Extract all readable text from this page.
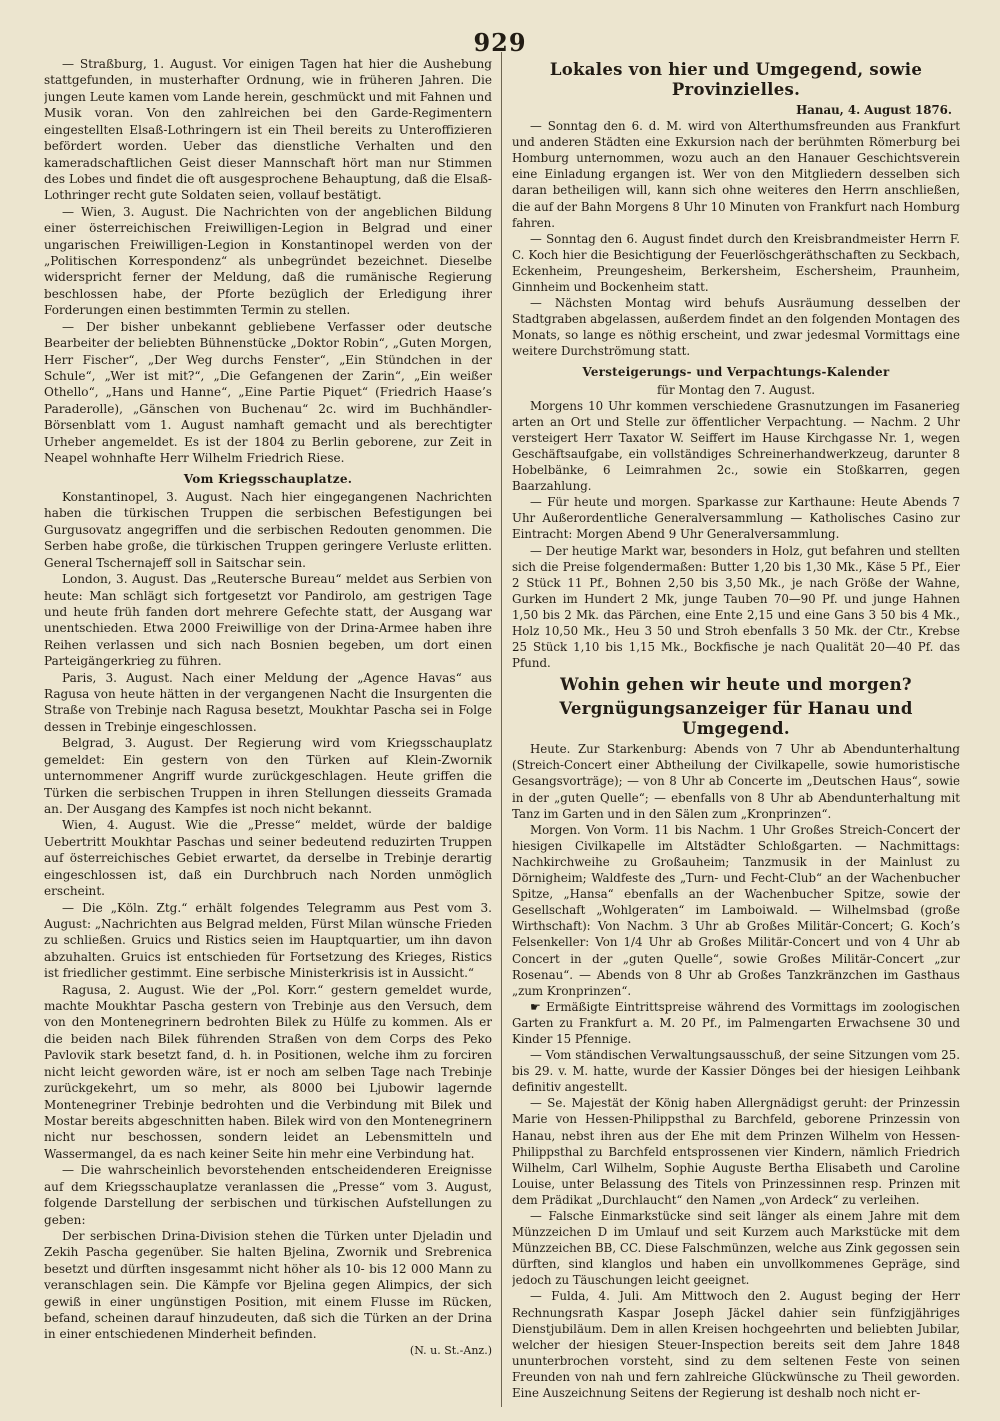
929

— Straßburg, 1. August. Vor einigen Tagen hat hier die Aushebung stattgefunden, in musterhafter Ordnung, wie in früheren Jahren. Die jungen Leute kamen vom Lande herein, geschmückt und mit Fahnen und Musik voran. Von den zahlreichen bei den Garde-Regimentern eingestellten Elsaß-Lothringern ist ein Theil bereits zu Unteroffizieren befördert worden. Ueber das dienstliche Verhalten und den kameradschaftlichen Geist dieser Mannschaft hört man nur Stimmen des Lobes und findet die oft ausgesprochene Behauptung, daß die Elsaß-Lothringer recht gute Soldaten seien, vollauf bestätigt.

— Wien, 3. August. Die Nachrichten von der angeblichen Bildung einer österreichischen Freiwilligen-Legion in Belgrad und einer ungarischen Freiwilligen-Legion in Konstantinopel werden von der „Politischen Korrespondenz“ als unbegründet bezeichnet. Dieselbe widerspricht ferner der Meldung, daß die rumänische Regierung beschlossen habe, der Pforte bezüglich der Erledigung ihrer Forderungen einen bestimmten Termin zu stellen.

— Der bisher unbekannt gebliebene Verfasser oder deutsche Bearbeiter der beliebten Bühnenstücke „Doktor Robin“, „Guten Morgen, Herr Fischer“, „Der Weg durchs Fenster“, „Ein Stündchen in der Schule“, „Wer ist mit?“, „Die Gefangenen der Zarin“, „Ein weißer Othello“, „Hans und Hanne“, „Eine Partie Piquet“ (Friedrich Haase’s Paraderolle), „Gänschen von Buchenau“ 2c. wird im Buchhändler-Börsenblatt vom 1. August namhaft gemacht und als berechtigter Urheber angemeldet. Es ist der 1804 zu Berlin geborene, zur Zeit in Neapel wohnhafte Herr Wilhelm Friedrich Riese.

Vom Kriegsschauplatze.

Konstantinopel, 3. August. Nach hier eingegangenen Nachrichten haben die türkischen Truppen die serbischen Befestigungen bei Gurgusovatz angegriffen und die serbischen Redouten genommen. Die Serben habe große, die türkischen Truppen geringere Verluste erlitten. General Tschernajeff soll in Saitschar sein.

London, 3. August. Das „Reutersche Bureau“ meldet aus Serbien von heute: Man schlägt sich fortgesetzt vor Pandirolo, am gestrigen Tage und heute früh fanden dort mehrere Gefechte statt, der Ausgang war unentschieden. Etwa 2000 Freiwillige von der Drina-Armee haben ihre Reihen verlassen und sich nach Bosnien begeben, um dort einen Parteigängerkrieg zu führen.

Paris, 3. August. Nach einer Meldung der „Agence Havas“ aus Ragusa von heute hätten in der vergangenen Nacht die Insurgenten die Straße von Trebinje nach Ragusa besetzt, Moukhtar Pascha sei in Folge dessen in Trebinje eingeschlossen.

Belgrad, 3. August. Der Regierung wird vom Kriegsschauplatz gemeldet: Ein gestern von den Türken auf Klein-Zwornik unternommener Angriff wurde zurückgeschlagen. Heute griffen die Türken die serbischen Truppen in ihren Stellungen diesseits Gramada an. Der Ausgang des Kampfes ist noch nicht bekannt.

Wien, 4. August. Wie die „Presse“ meldet, würde der baldige Uebertritt Moukhtar Paschas und seiner bedeutend reduzirten Truppen auf österreichisches Gebiet erwartet, da derselbe in Trebinje derartig eingeschlossen ist, daß ein Durchbruch nach Norden unmöglich erscheint.

— Die „Köln. Ztg.“ erhält folgendes Telegramm aus Pest vom 3. August: „Nachrichten aus Belgrad melden, Fürst Milan wünsche Frieden zu schließen. Gruics und Ristics seien im Hauptquartier, um ihn davon abzuhalten. Gruics ist entschieden für Fortsetzung des Krieges, Ristics ist friedlicher gestimmt. Eine serbische Ministerkrisis ist in Aussicht.“

Ragusa, 2. August. Wie der „Pol. Korr.“ gestern gemeldet wurde, machte Moukhtar Pascha gestern von Trebinje aus den Versuch, dem von den Montenegrinern bedrohten Bilek zu Hülfe zu kommen. Als er die beiden nach Bilek führenden Straßen von dem Corps des Peko Pavlovik stark besetzt fand, d. h. in Positionen, welche ihm zu forciren nicht leicht geworden wäre, ist er noch am selben Tage nach Trebinje zurückgekehrt, um so mehr, als 8000 bei Ljubowir lagernde Montenegriner Trebinje bedrohten und die Verbindung mit Bilek und Mostar bereits abgeschnitten haben. Bilek wird von den Montenegrinern nicht nur beschossen, sondern leidet an Lebensmitteln und Wassermangel, da es nach keiner Seite hin mehr eine Verbindung hat.

— Die wahrscheinlich bevorstehenden entscheidenderen Ereignisse auf dem Kriegsschauplatze veranlassen die „Presse“ vom 3. August, folgende Darstellung der serbischen und türkischen Aufstellungen zu geben:

Der serbischen Drina-Division stehen die Türken unter Djeladin und Zekih Pascha gegenüber. Sie halten Bjelina, Zwornik und Srebrenica besetzt und dürften insgesammt nicht höher als 10- bis 12 000 Mann zu veranschlagen sein. Die Kämpfe vor Bjelina gegen Alimpics, der sich gewiß in einer ungünstigen Position, mit einem Flusse im Rücken, befand, scheinen darauf hinzudeuten, daß sich die Türken an der Drina in einer entschiedenen Minderheit befinden.

(N. u. St.-Anz.)

Lokales von hier und Umgegend, sowie Provinzielles.

Hanau, 4. August 1876.

— Sonntag den 6. d. M. wird von Alterthumsfreunden aus Frankfurt und anderen Städten eine Exkursion nach der berühmten Römerburg bei Homburg unternommen, wozu auch an den Hanauer Geschichtsverein eine Einladung ergangen ist. Wer von den Mitgliedern desselben sich daran betheiligen will, kann sich ohne weiteres den Herrn anschließen, die auf der Bahn Morgens 8 Uhr 10 Minuten von Frankfurt nach Homburg fahren.

— Sonntag den 6. August findet durch den Kreisbrandmeister Herrn F. C. Koch hier die Besichtigung der Feuerlöschgeräthschaften zu Seckbach, Eckenheim, Preungesheim, Berkersheim, Eschersheim, Praunheim, Ginnheim und Bockenheim statt.

— Nächsten Montag wird behufs Ausräumung desselben der Stadtgraben abgelassen, außerdem findet an den folgenden Montagen des Monats, so lange es nöthig erscheint, und zwar jedesmal Vormittags eine weitere Durchströmung statt.

Versteigerungs- und Verpachtungs-Kalender

für Montag den 7. August.

Morgens 10 Uhr kommen verschiedene Grasnutzungen im Fasanerieg arten an Ort und Stelle zur öffentlicher Verpachtung. — Nachm. 2 Uhr versteigert Herr Taxator W. Seiffert im Hause Kirchgasse Nr. 1, wegen Geschäftsaufgabe, ein vollständiges Schreinerhandwerkzeug, darunter 8 Hobelbänke, 6 Leimrahmen 2c., sowie ein Stoßkarren, gegen Baarzahlung.

— Für heute und morgen. Sparkasse zur Karthaune: Heute Abends 7 Uhr Außerordentliche Generalversammlung — Katholisches Casino zur Eintracht: Morgen Abend 9 Uhr Generalversammlung.

— Der heutige Markt war, besonders in Holz, gut befahren und stellten sich die Preise folgendermaßen: Butter 1,20 bis 1,30 Mk., Käse 5 Pf., Eier 2 Stück 11 Pf., Bohnen 2,50 bis 3,50 Mk., je nach Größe der Wahne, Gurken im Hundert 2 Mk, junge Tauben 70—90 Pf. und junge Hahnen 1,50 bis 2 Mk. das Pärchen, eine Ente 2,15 und eine Gans 3 50 bis 4 Mk., Holz 10,50 Mk., Heu 3 50 und Stroh ebenfalls 3 50 Mk. der Ctr., Krebse 25 Stück 1,10 bis 1,15 Mk., Bockfische je nach Qualität 20—40 Pf. das Pfund.

Wohin gehen wir heute und morgen?

Vergnügungsanzeiger für Hanau und Umgegend.

Heute. Zur Starkenburg: Abends von 7 Uhr ab Abendunterhaltung (Streich-Concert einer Abtheilung der Civilkapelle, sowie humoristische Gesangsvorträge); — von 8 Uhr ab Concerte im „Deutschen Haus“, sowie in der „guten Quelle“; — ebenfalls von 8 Uhr ab Abendunterhaltung mit Tanz im Garten und in den Sälen zum „Kronprinzen“.

Morgen. Von Vorm. 11 bis Nachm. 1 Uhr Großes Streich-Concert der hiesigen Civilkapelle im Altstädter Schloßgarten. — Nachmittags: Nachkirchweihe zu Großauheim; Tanzmusik in der Mainlust zu Dörnigheim; Waldfeste des „Turn- und Fecht-Club“ an der Wachenbucher Spitze, „Hansa“ ebenfalls an der Wachenbucher Spitze, sowie der Gesellschaft „Wohlgeraten“ im Lamboiwald. — Wilhelmsbad (große Wirthschaft): Von Nachm. 3 Uhr ab Großes Militär-Concert; G. Koch’s Felsenkeller: Von 1/4 Uhr ab Großes Militär-Concert und von 4 Uhr ab Concert in der „guten Quelle“, sowie Großes Militär-Concert „zur Rosenau“. — Abends von 8 Uhr ab Großes Tanzkränzchen im Gasthaus „zum Kronprinzen“.

☛ Ermäßigte Eintrittspreise während des Vormittags im zoologischen Garten zu Frankfurt a. M. 20 Pf., im Palmengarten Erwachsene 30 und Kinder 15 Pfennige.

— Vom ständischen Verwaltungsausschuß, der seine Sitzungen vom 25. bis 29. v. M. hatte, wurde der Kassier Dönges bei der hiesigen Leihbank definitiv angestellt.

— Se. Majestät der König haben Allergnädigst geruht: der Prinzessin Marie von Hessen-Philippsthal zu Barchfeld, geborene Prinzessin von Hanau, nebst ihren aus der Ehe mit dem Prinzen Wilhelm von Hessen-Philippsthal zu Barchfeld entsprossenen vier Kindern, nämlich Friedrich Wilhelm, Carl Wilhelm, Sophie Auguste Bertha Elisabeth und Caroline Louise, unter Belassung des Titels von Prinzessinnen resp. Prinzen mit dem Prädikat „Durchlaucht“ den Namen „von Ardeck“ zu verleihen.

— Falsche Einmarkstücke sind seit länger als einem Jahre mit dem Münzzeichen D im Umlauf und seit Kurzem auch Markstücke mit dem Münzzeichen BB, CC. Diese Falschmünzen, welche aus Zink gegossen sein dürften, sind klanglos und haben ein unvollkommenes Gepräge, sind jedoch zu Täuschungen leicht geeignet.

— Fulda, 4. Juli. Am Mittwoch den 2. August beging der Herr Rechnungsrath Kaspar Joseph Jäckel dahier sein fünfzigjähriges Dienstjubiläum. Dem in allen Kreisen hochgeehrten und beliebten Jubilar, welcher der hiesigen Steuer-Inspection bereits seit dem Jahre 1848 ununterbrochen vorsteht, sind zu dem seltenen Feste von seinen Freunden von nah und fern zahlreiche Glückwünsche zu Theil geworden. Eine Auszeichnung Seitens der Regierung ist deshalb noch nicht er-
